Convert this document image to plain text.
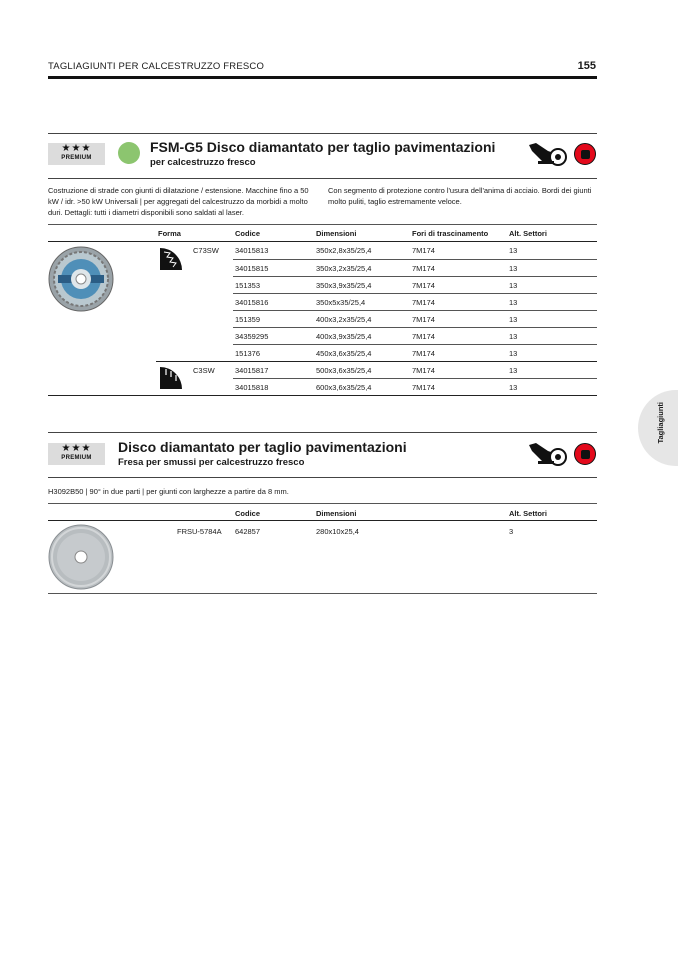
TAGLIAGIUNTI PER CALCESTRUZZO FRESCO	155
Tagliagiunti
★★★
PREMIUM
FSM-G5 Disco diamantato per taglio pavimentazioni
per calcestruzzo fresco
Costruzione di strade con giunti di dilatazione / estensione. Macchine fino a 50 kW / idr. >50 kW Universali | per aggregati del calcestruzzo da morbidi a molto duri. Dettagli: tutti i diametri disponibili sono saldati al laser.
Con segmento di protezione contro l'usura dell'anima di acciaio. Bordi dei giunti molto puliti, taglio estremamente veloce.
Forma	Codice	Dimensioni	Fori di trascinamento	Alt. Settori
C73SW 34015813	350x2,8x35/25,4	7M174	13
34015815	350x3,2x35/25,4	7M174	13
151353	350x3,9x35/25,4	7M174	13
34015816	350x5x35/25,4	7M174	13
151359	400x3,2x35/25,4	7M174	13
34359295	400x3,9x35/25,4	7M174	13
151376	450x3,6x35/25,4	7M174	13
C3SW	34015817	500x3,6x35/25,4	7M174	13
34015818	600x3,6x35/25,4	7M174	13
★★★
PREMIUM
Disco diamantato per taglio pavimentazioni
Fresa per smussi per calcestruzzo fresco
H3092B50 | 90° in due parti | per giunti con larghezze a partire da 8 mm.
Codice	Dimensioni	Alt. Settori
FRSU-5784A 642857	280x10x25,4	3
